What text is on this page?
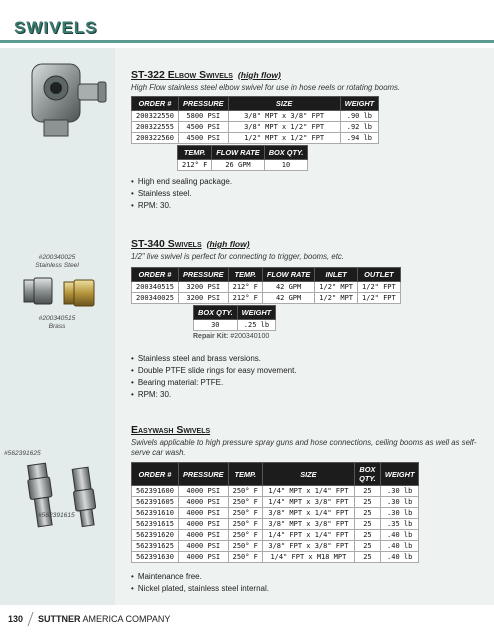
SWIVELS
ST-322 Elbow Swivels (high flow)
High Flow stainless steel elbow swivel for use in hose reels or rotating booms.
ORDER #	PRESSURE	SIZE	WEIGHT
200322550	5800 PSI	3/8" MPT x 3/8" FPT	.90 lb
200322555	4500 PSI	3/8" MPT x 1/2" FPT	.92 lb
200322560	4500 PSI	1/2" MPT x 1/2" FPT	.94 lb
TEMP.	FLOW RATE	BOX QTY.
212° F	26 GPM	10
• High end sealing package.
• Stainless steel.
• RPM: 30.
#200340025
Stainless Steel
#200340515
Brass
ST-340 Swivels (high flow)
1/2" live swivel is perfect for connecting to trigger, booms, etc.
ORDER #	PRESSURE	TEMP.	FLOW RATE	INLET	OUTLET
200340515	3200 PSI	212° F	42 GPM	1/2" MPT	1/2" FPT
200340025	3200 PSI	212° F	42 GPM	1/2" MPT	1/2" FPT
BOX QTY.	WEIGHT
30	.25 lb
Repair Kit: #200340100
• Stainless steel and brass versions.
• Double PTFE slide rings for easy movement.
• Bearing material: PTFE.
• RPM: 30.
#562391625
#562391615
Easywash Swivels
Swivels applicable to high pressure spray guns and hose connections, ceiling booms as well as self-serve car wash.
ORDER #	PRESSURE	TEMP.	SIZE	BOX QTY.	WEIGHT
562391600	4000 PSI	250° F	1/4" MPT x 1/4" FPT	25	.30 lb
562391605	4000 PSI	250° F	1/4" MPT x 3/8" FPT	25	.30 lb
562391610	4000 PSI	250° F	3/8" MPT x 1/4" FPT	25	.30 lb
562391615	4000 PSI	250° F	3/8" MPT x 3/8" FPT	25	.35 lb
562391620	4000 PSI	250° F	1/4" FPT x 1/4" FPT	25	.40 lb
562391625	4000 PSI	250° F	3/8" FPT x 3/8" FPT	25	.40 lb
562391630	4000 PSI	250° F	1/4" FPT x M18 MPT	25	.40 lb
• Maintenance free.
• Nickel plated, stainless steel internal.
130 SUTTNER AMERICA COMPANY
